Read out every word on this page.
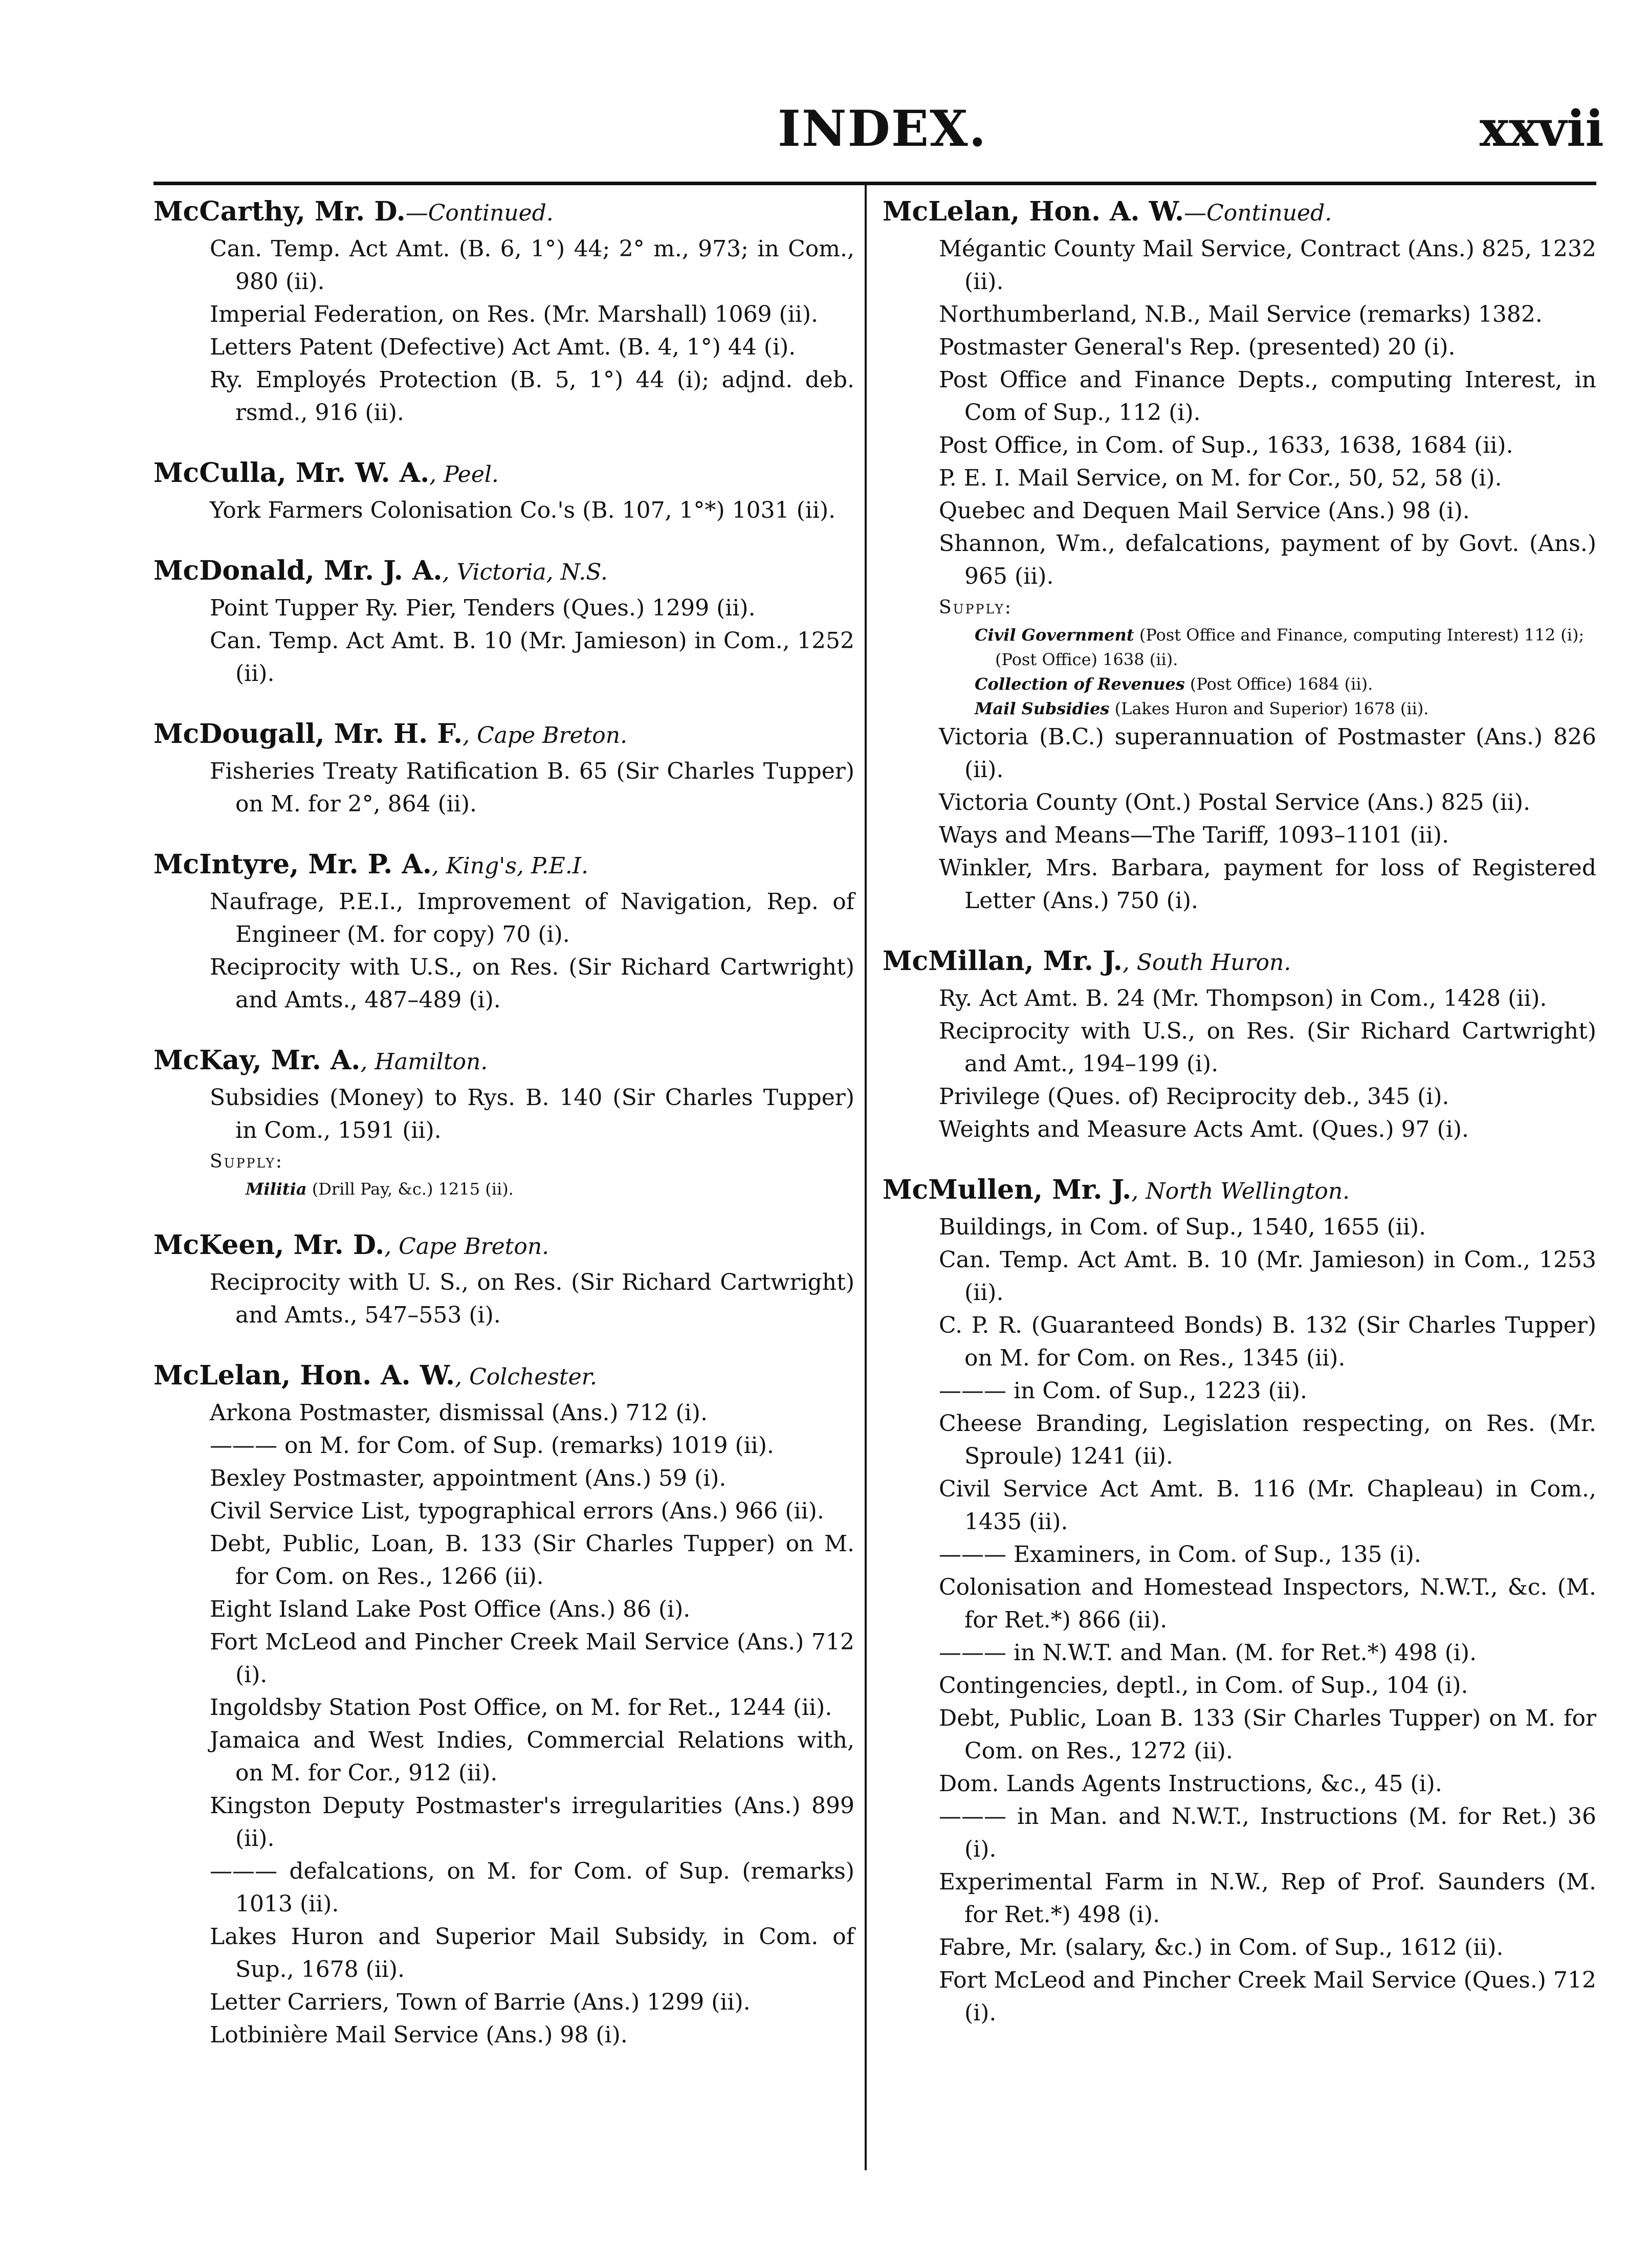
INDEX.	xxvii
McCarthy, Mr. D.—Continued.
Can. Temp. Act Amt. (B. 6, 1°) 44; 2° m., 973; in Com., 980 (ii).
Imperial Federation, on Res. (Mr. Marshall) 1069 (ii).
Letters Patent (Defective) Act Amt. (B. 4, 1°) 44 (i).
Ry. Employés Protection (B. 5, 1°) 44 (i); adjnd. deb. rsmd., 916 (ii).
McCulla, Mr. W. A., Peel.
York Farmers Colonisation Co.'s (B. 107, 1°*) 1031 (ii).
McDonald, Mr. J. A., Victoria, N.S.
Point Tupper Ry. Pier, Tenders (Ques.) 1299 (ii).
Can. Temp. Act Amt. B. 10 (Mr. Jamieson) in Com., 1252 (ii).
McDougall, Mr. H. F., Cape Breton.
Fisheries Treaty Ratification B. 65 (Sir Charles Tupper) on M. for 2°, 864 (ii).
McIntyre, Mr. P. A., King's, P.E.I.
Naufrage, P.E.I., Improvement of Navigation, Rep. of Engineer (M. for copy) 70 (i).
Reciprocity with U.S., on Res. (Sir Richard Cartwright) and Amts., 487–489 (i).
McKay, Mr. A., Hamilton.
Subsidies (Money) to Rys. B. 140 (Sir Charles Tupper) in Com., 1591 (ii).
Supply:
Militia (Drill Pay, &c.) 1215 (ii).
McKeen, Mr. D., Cape Breton.
Reciprocity with U. S., on Res. (Sir Richard Cartwright) and Amts., 547–553 (i).
McLelan, Hon. A. W., Colchester.
Arkona Postmaster, dismissal (Ans.) 712 (i).
——— on M. for Com. of Sup. (remarks) 1019 (ii).
Bexley Postmaster, appointment (Ans.) 59 (i).
Civil Service List, typographical errors (Ans.) 966 (ii).
Debt, Public, Loan, B. 133 (Sir Charles Tupper) on M. for Com. on Res., 1266 (ii).
Eight Island Lake Post Office (Ans.) 86 (i).
Fort McLeod and Pincher Creek Mail Service (Ans.) 712 (i).
Ingoldsby Station Post Office, on M. for Ret., 1244 (ii).
Jamaica and West Indies, Commercial Relations with, on M. for Cor., 912 (ii).
Kingston Deputy Postmaster's irregularities (Ans.) 899 (ii).
——— defalcations, on M. for Com. of Sup. (remarks) 1013 (ii).
Lakes Huron and Superior Mail Subsidy, in Com. of Sup., 1678 (ii).
Letter Carriers, Town of Barrie (Ans.) 1299 (ii).
Lotbinière Mail Service (Ans.) 98 (i).
McLelan, Hon. A. W.—Continued.
Mégantic County Mail Service, Contract (Ans.) 825, 1232 (ii).
Northumberland, N.B., Mail Service (remarks) 1382.
Postmaster General's Rep. (presented) 20 (i).
Post Office and Finance Depts., computing Interest, in Com of Sup., 112 (i).
Post Office, in Com. of Sup., 1633, 1638, 1684 (ii).
P. E. I. Mail Service, on M. for Cor., 50, 52, 58 (i).
Quebec and Dequen Mail Service (Ans.) 98 (i).
Shannon, Wm., defalcations, payment of by Govt. (Ans.) 965 (ii).
Supply:
Civil Government (Post Office and Finance, computing Interest) 112 (i); (Post Office) 1638 (ii).
Collection of Revenues (Post Office) 1684 (ii).
Mail Subsidies (Lakes Huron and Superior) 1678 (ii).
Victoria (B.C.) superannuation of Postmaster (Ans.) 826 (ii).
Victoria County (Ont.) Postal Service (Ans.) 825 (ii).
Ways and Means—The Tariff, 1093–1101 (ii).
Winkler, Mrs. Barbara, payment for loss of Registered Letter (Ans.) 750 (i).
McMillan, Mr. J., South Huron.
Ry. Act Amt. B. 24 (Mr. Thompson) in Com., 1428 (ii).
Reciprocity with U.S., on Res. (Sir Richard Cartwright) and Amt., 194–199 (i).
Privilege (Ques. of) Reciprocity deb., 345 (i).
Weights and Measure Acts Amt. (Ques.) 97 (i).
McMullen, Mr. J., North Wellington.
Buildings, in Com. of Sup., 1540, 1655 (ii).
Can. Temp. Act Amt. B. 10 (Mr. Jamieson) in Com., 1253 (ii).
C. P. R. (Guaranteed Bonds) B. 132 (Sir Charles Tupper) on M. for Com. on Res., 1345 (ii).
——— in Com. of Sup., 1223 (ii).
Cheese Branding, Legislation respecting, on Res. (Mr. Sproule) 1241 (ii).
Civil Service Act Amt. B. 116 (Mr. Chapleau) in Com., 1435 (ii).
——— Examiners, in Com. of Sup., 135 (i).
Colonisation and Homestead Inspectors, N.W.T., &c. (M. for Ret.*) 866 (ii).
——— in N.W.T. and Man. (M. for Ret.*) 498 (i).
Contingencies, deptl., in Com. of Sup., 104 (i).
Debt, Public, Loan B. 133 (Sir Charles Tupper) on M. for Com. on Res., 1272 (ii).
Dom. Lands Agents Instructions, &c., 45 (i).
——— in Man. and N.W.T., Instructions (M. for Ret.) 36 (i).
Experimental Farm in N.W., Rep of Prof. Saunders (M. for Ret.*) 498 (i).
Fabre, Mr. (salary, &c.) in Com. of Sup., 1612 (ii).
Fort McLeod and Pincher Creek Mail Service (Ques.) 712 (i).
